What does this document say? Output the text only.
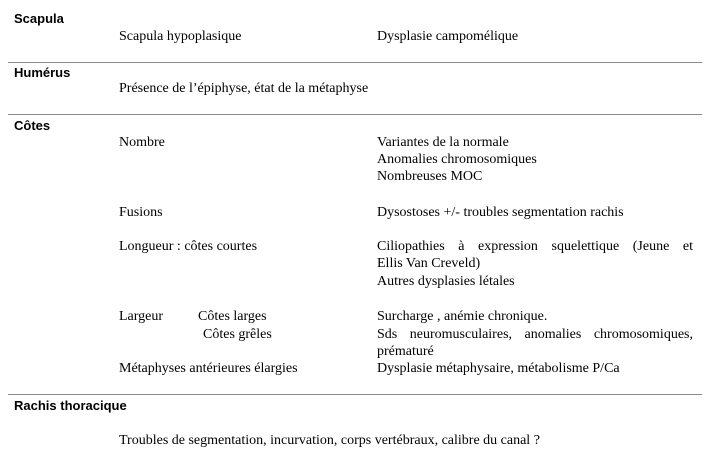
Scapula
Scapula hypoplasique	Dysplasie campomélique
Humérus
Présence de l’épiphyse, état de la métaphyse
Côtes
Nombre	Variantes de la normale
Anomalies chromosomiques
Nombreuses MOC
Fusions	Dysostoses +/- troubles segmentation rachis
Longueur : côtes courtes	Ciliopathies à expression squelettique (Jeune et
Ellis Van Creveld)
Autres dysplasies létales
Largeur Côtes larges	Surcharge , anémie chronique.
Côtes grêles	Sds neuromusculaires, anomalies chromosomiques,
prématuré
Métaphyses antérieures élargies	Dysplasie métaphysaire, métabolisme P/Ca
Rachis thoracique
Troubles de segmentation, incurvation, corps vertébraux, calibre du canal ?
